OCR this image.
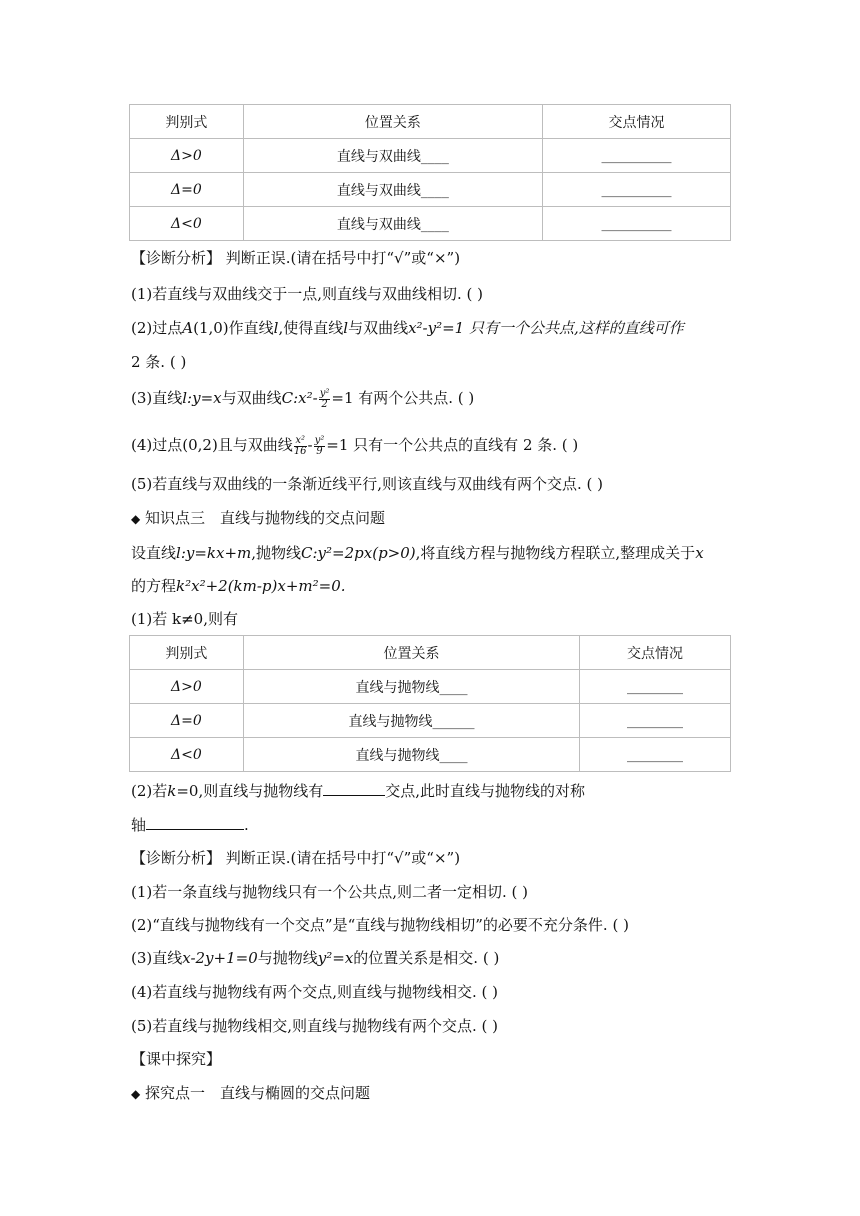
判别式	位置关系	交点情况
Δ>0	直线与双曲线____	__________
Δ=0	直线与双曲线____	__________
Δ<0	直线与双曲线____	__________
【诊断分析】 判断正误.(请在括号中打“√”或“×”)
(1)若直线与双曲线交于一点,则直线与双曲线相切. ( )
(2)过点A(1,0)作直线l,使得直线l与双曲线x²-y²=1 只有一个公共点,这样的直线可作
2 条. ( )
(3)直线l:y=x与双曲线C:x²- $\frac{\text{y²}}{2} =1$ 有两个公共点. ( )
(4)过点(0,2)且与双曲线 $\frac{\text{x²}}{16} - \frac{\text{y²}}{9} =1$ 只有一个公共点的直线有 2 条. ( )
(5)若直线与双曲线的一条渐近线平行,则该直线与双曲线有两个交点. ( )
◆ 知识点三　直线与抛物线的交点问题
设直线l:y=kx+m,抛物线C:y²=2px(p>0),将直线方程与抛物线方程联立,整理成关于x
的方程k²x²+2(km-p)x+m²=0.
(1)若 k≠0,则有
判别式	位置关系	交点情况
Δ>0	直线与抛物线____	________
Δ=0	直线与抛物线______	________
Δ<0	直线与抛物线____	________
(2)若k=0,则直线与抛物线有	交点,此时直线与抛物线的对称
轴	.
【诊断分析】 判断正误.(请在括号中打“√”或“×”)
(1)若一条直线与抛物线只有一个公共点,则二者一定相切. ( )
(2)“直线与抛物线有一个交点”是“直线与抛物线相切”的必要不充分条件. ( )
(3)直线x-2y+1=0与抛物线y²=x的位置关系是相交. ( )
(4)若直线与抛物线有两个交点,则直线与抛物线相交. ( )
(5)若直线与抛物线相交,则直线与抛物线有两个交点. ( )
【课中探究】
◆ 探究点一　直线与椭圆的交点问题
